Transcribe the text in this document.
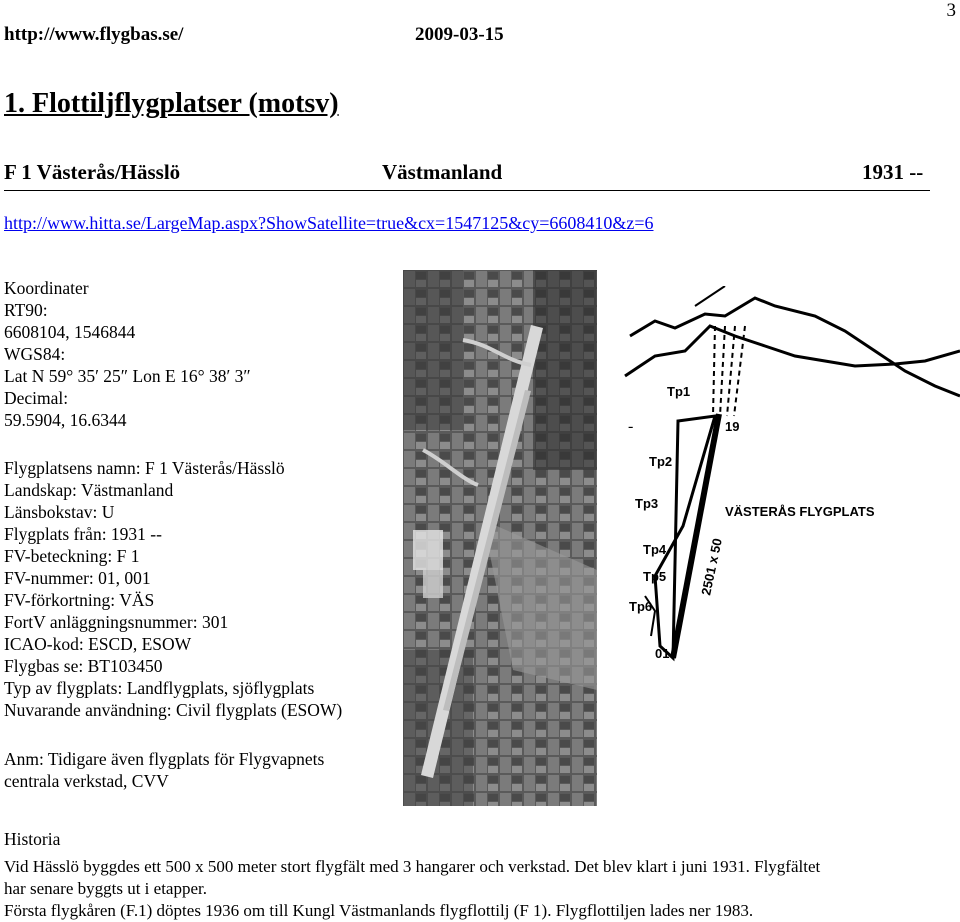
http://www.flygbas.se/	2009-03-15
3
1. Flottiljflygplatser (motsv)
F 1 Västerås/Hässlö	Västmanland	1931 --
http://www.hitta.se/LargeMap.aspx?ShowSatellite=true&cx=1547125&cy=6608410&z=6
Koordinater
RT90:
6608104, 1546844
WGS84:
Lat N 59° 35′ 25″ Lon E 16° 38′ 3″
Decimal:
59.5904, 16.6344
Flygplatsens namn: F 1 Västerås/Hässlö
Landskap: Västmanland
Länsbokstav: U
Flygplats från: 1931 --
FV-beteckning: F 1
FV-nummer: 01, 001
FV-förkortning: VÄS
FortV anläggningsnummer: 301
ICAO-kod: ESCD, ESOW
Flygbas se: BT103450
Typ av flygplats: Landflygplats, sjöflygplats
Nuvarande användning: Civil flygplats (ESOW)
Anm: Tidigare även flygplats för Flygvapnets
centrala verkstad, CVV
Tp1
19
Tp2
Tp3
VÄSTERÅS FLYGPLATS
Tp4
Tp5
Tp6
01
2501 x 50
-
Historia
Vid Hässlö byggdes ett 500 x 500 meter stort flygfält med 3 hangarer och verkstad. Det blev klart i juni 1931. Flygfältet
har senare byggts ut i etapper.
Första flygkåren (F.1) döptes 1936 om till Kungl Västmanlands flygflottilj (F 1). Flygflottiljen lades ner 1983.
